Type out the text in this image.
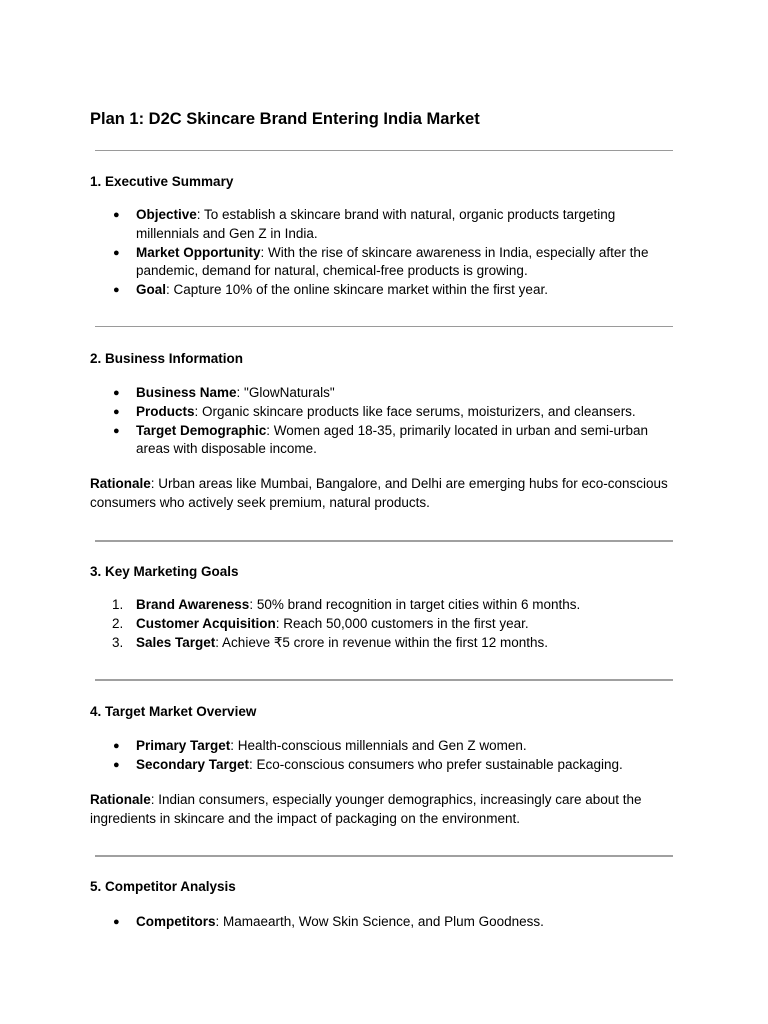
Plan 1: D2C Skincare Brand Entering India Market
1. Executive Summary
●	Objective: To establish a skincare brand with natural, organic products targeting millennials and Gen Z in India.
●	Market Opportunity: With the rise of skincare awareness in India, especially after the pandemic, demand for natural, chemical-free products is growing.
●	Goal: Capture 10% of the online skincare market within the first year.
2. Business Information
●	Business Name: "GlowNaturals"
●	Products: Organic skincare products like face serums, moisturizers, and cleansers.
●	Target Demographic: Women aged 18-35, primarily located in urban and semi-urban areas with disposable income.
Rationale: Urban areas like Mumbai, Bangalore, and Delhi are emerging hubs for eco-conscious consumers who actively seek premium, natural products.
3. Key Marketing Goals
1. Brand Awareness: 50% brand recognition in target cities within 6 months.
2. Customer Acquisition: Reach 50,000 customers in the first year.
3. Sales Target: Achieve ₹5 crore in revenue within the first 12 months.
4. Target Market Overview
●	Primary Target: Health-conscious millennials and Gen Z women.
●	Secondary Target: Eco-conscious consumers who prefer sustainable packaging.
Rationale: Indian consumers, especially younger demographics, increasingly care about the ingredients in skincare and the impact of packaging on the environment.
5. Competitor Analysis
●	Competitors: Mamaearth, Wow Skin Science, and Plum Goodness.
